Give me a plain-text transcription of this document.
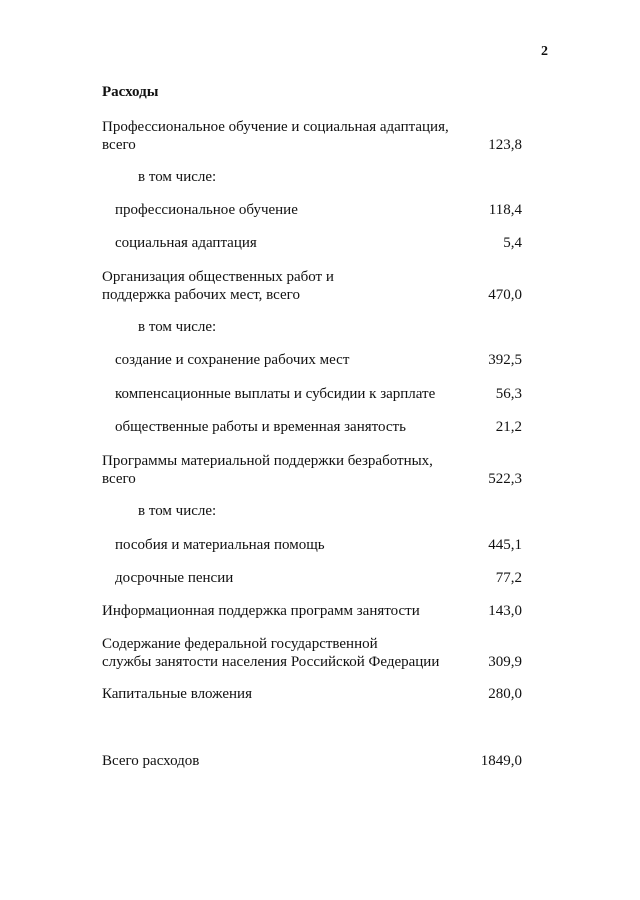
2
Расходы
Профессиональное обучение и социальная адаптация,
всего	123,8
в том числе:
профессиональное обучение	118,4
социальная адаптация	5,4
Организация общественных работ и
поддержка рабочих мест, всего	470,0
в том числе:
создание и сохранение рабочих мест	392,5
компенсационные выплаты и субсидии к зарплате	56,3
общественные работы и временная занятость	21,2
Программы материальной поддержки безработных,
всего	522,3
в том числе:
пособия и материальная помощь	445,1
досрочные пенсии	77,2
Информационная поддержка программ занятости	143,0
Содержание федеральной государственной
службы занятости населения Российской Федерации	309,9
Капитальные вложения	280,0
Всего расходов	1849,0
